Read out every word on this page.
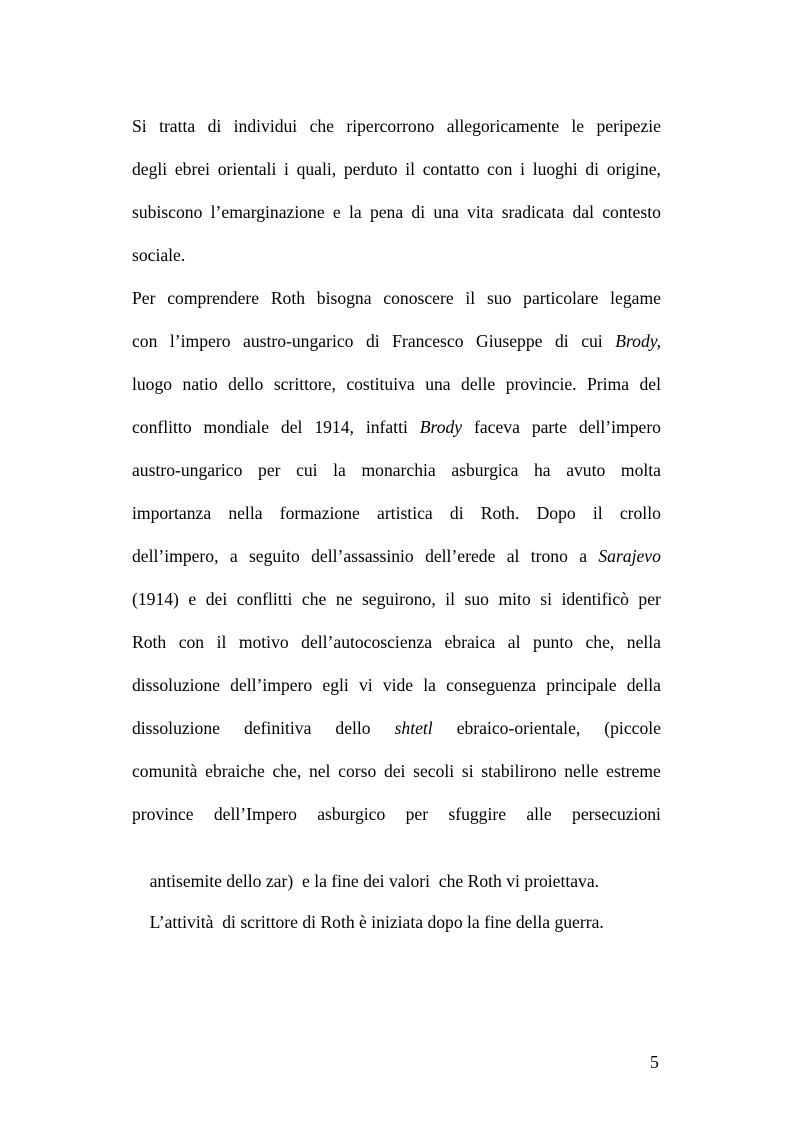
Si tratta di individui che ripercorrono allegoricamente le peripezie
degli ebrei orientali i quali, perduto il contatto con i luoghi di origine,
subiscono l’emarginazione e la pena di una vita sradicata dal contesto
sociale.
Per comprendere Roth bisogna conoscere il suo particolare legame
con l’impero austro-ungarico di Francesco Giuseppe di cui Brody,
luogo natio dello scrittore, costituiva una delle provincie. Prima del
conflitto mondiale del 1914, infatti Brody faceva parte dell’impero
austro-ungarico per cui la monarchia asburgica ha avuto molta
importanza nella formazione artistica di Roth. Dopo il crollo
dell’impero, a seguito dell’assassinio dell’erede al trono a Sarajevo
(1914) e dei conflitti che ne seguirono, il suo mito si identificò per
Roth con il motivo dell’autocoscienza ebraica al punto che, nella
dissoluzione dell’impero egli vi vide la conseguenza principale della
dissoluzione definitiva dello shtetl ebraico-orientale, (piccole
comunità ebraiche che, nel corso dei secoli si stabilirono nelle estreme
province dell’Impero asburgico per sfuggire alle persecuzioni

antisemite dello zar)  e la fine dei valori  che Roth vi proiettava.

L’attività  di scrittore di Roth è iniziata dopo la fine della guerra.

5
